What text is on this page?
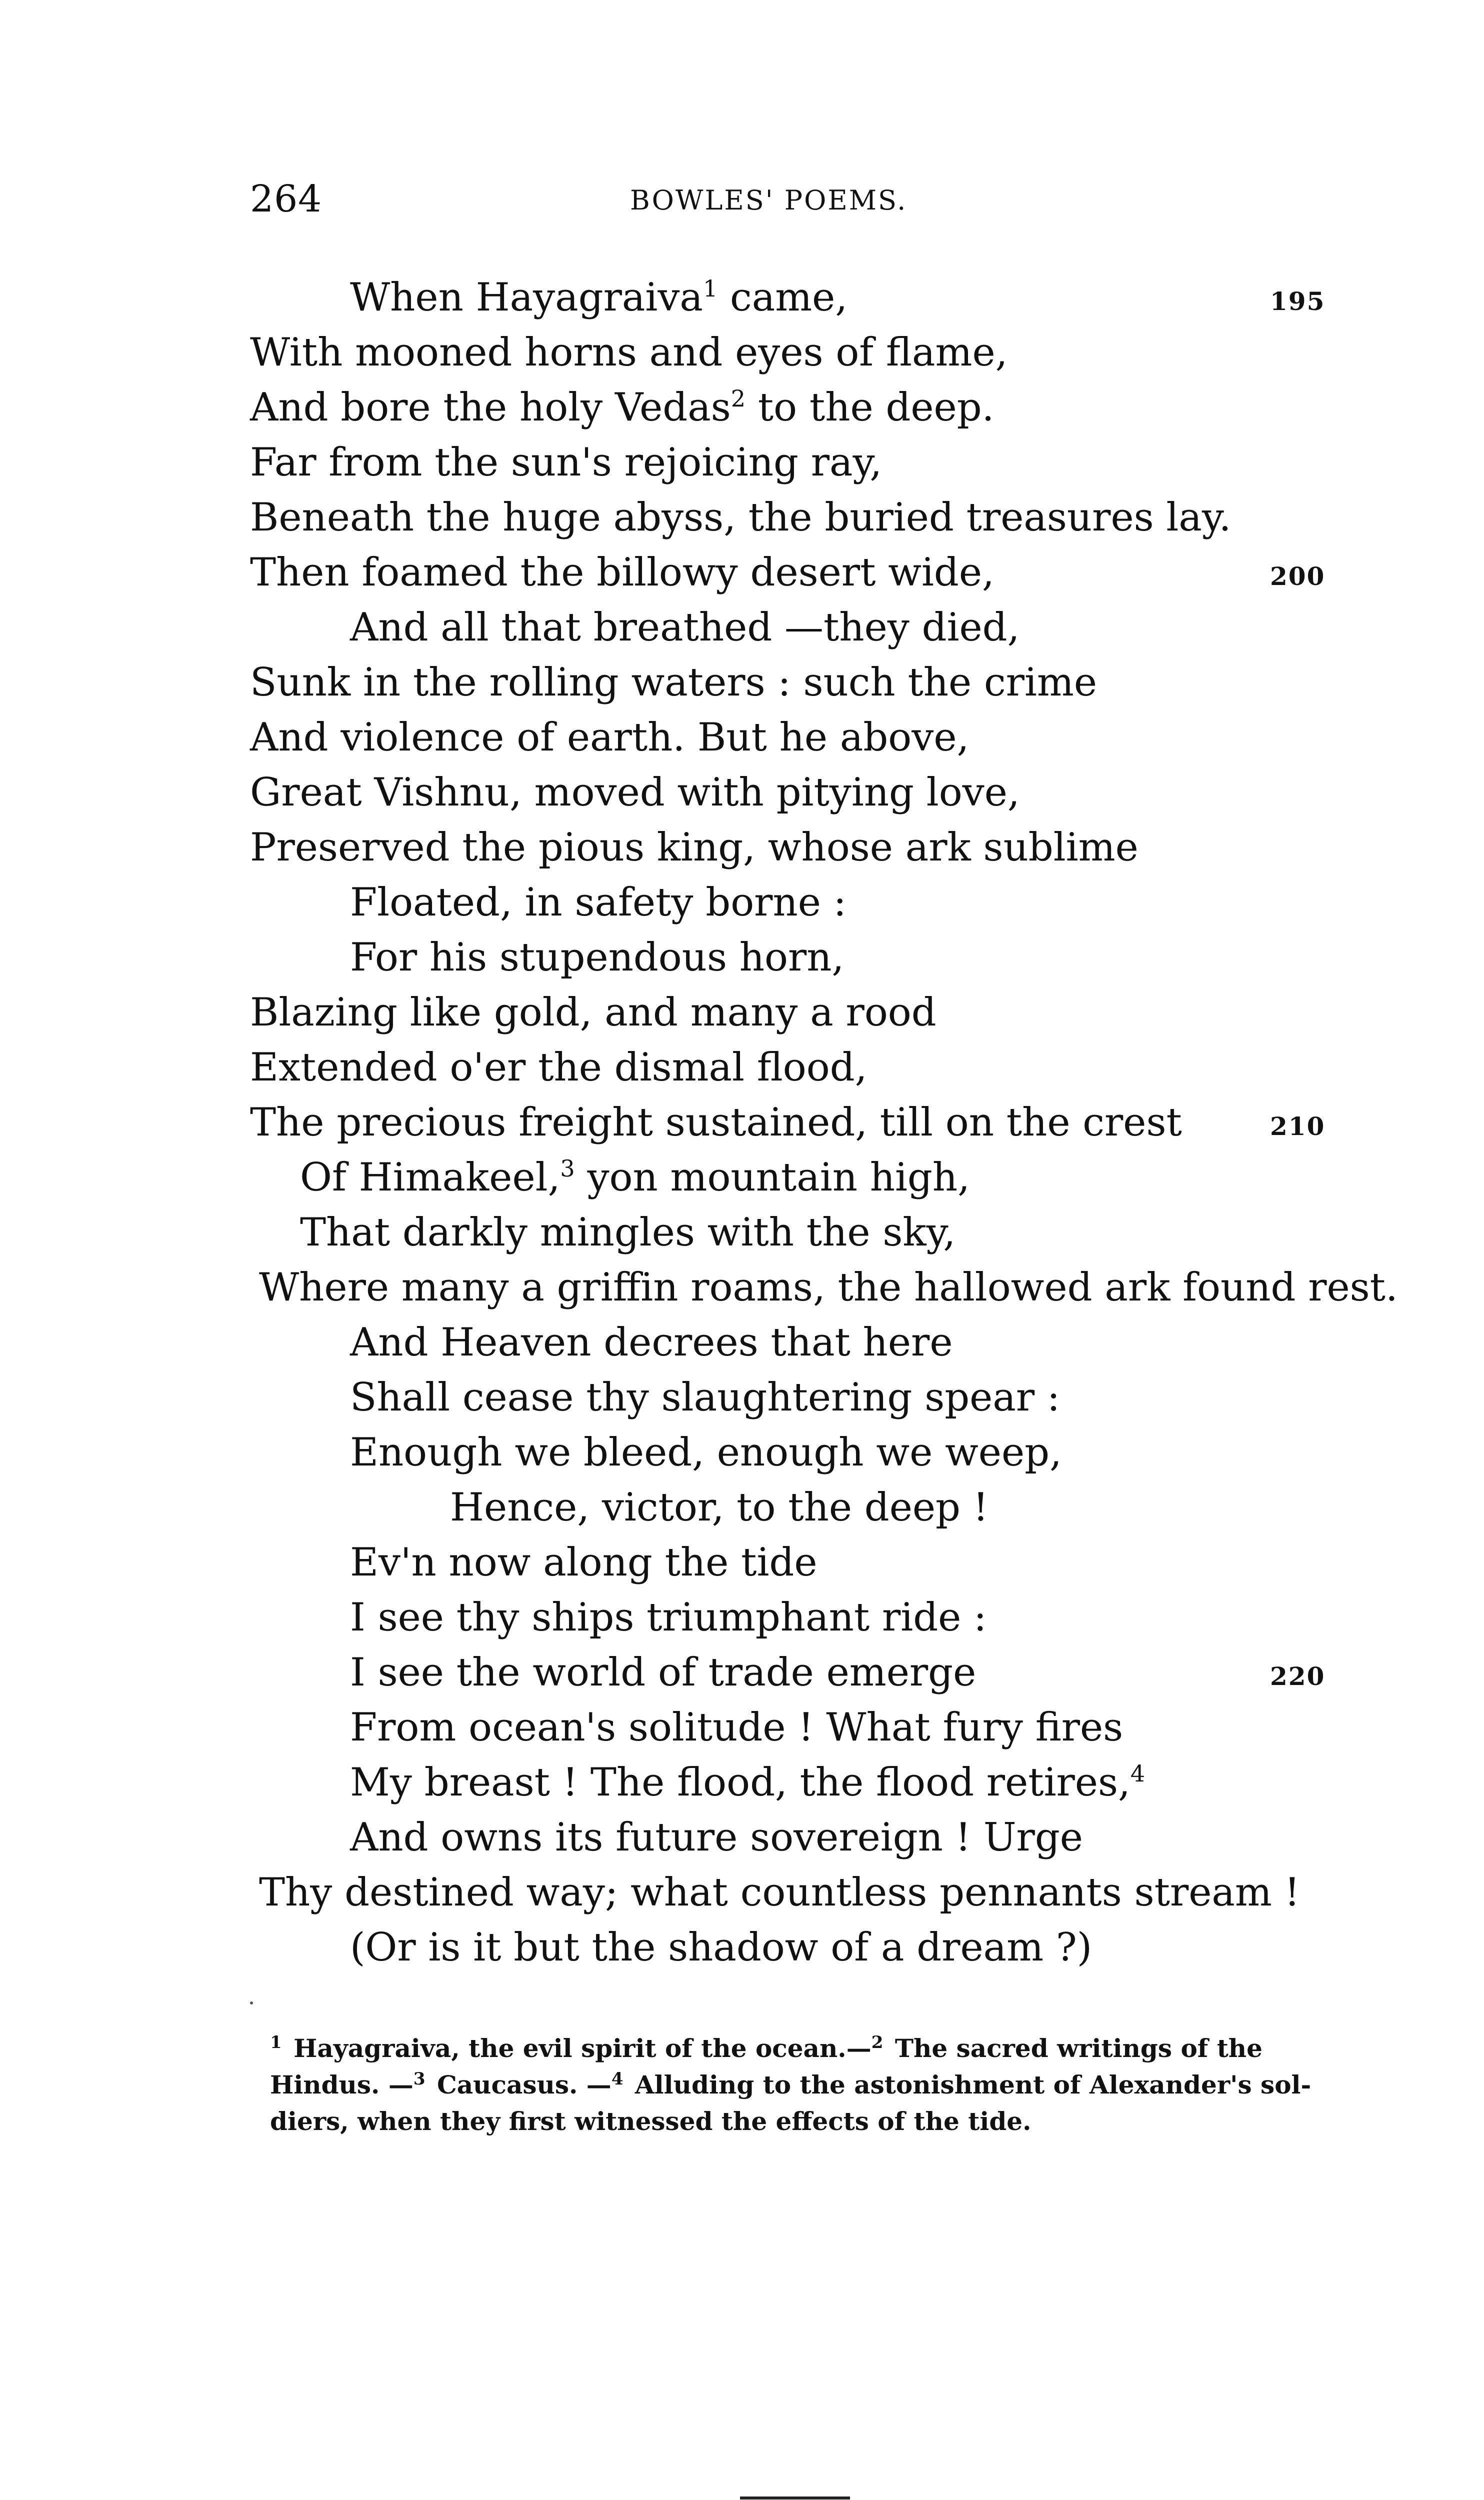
264	BOWLES' POEMS.
When Hayagraiva$^1$ came,	195
With mooned horns and eyes of flame,
And bore the holy Vedas$^2$ to the deep.
Far from the sun's rejoicing ray,
Beneath the huge abyss, the buried treasures lay.
Then foamed the billowy desert wide,	200
And all that breathed —they died,
Sunk in the rolling waters : such the crime
And violence of earth. But he above,
Great Vishnu, moved with pitying love,
Preserved the pious king, whose ark sublime
Floated, in safety borne :
For his stupendous horn,
Blazing like gold, and many a rood
Extended o'er the dismal flood,
The precious freight sustained, till on the crest	210
Of Himakeel,$^3$ yon mountain high,
That darkly mingles with the sky,
Where many a griffin roams, the hallowed ark found rest.
And Heaven decrees that here
Shall cease thy slaughtering spear :
Enough we bleed, enough we weep,
Hence, victor, to the deep !
Ev'n now along the tide
I see thy ships triumphant ride :
I see the world of trade emerge	220
From ocean's solitude ! What fury fires
My breast ! The flood, the flood retires,$^4$
And owns its future sovereign ! Urge
Thy destined way; what countless pennants stream !
(Or is it but the shadow of a dream ?)
$^1$ Hayagraiva, the evil spirit of the ocean.—$^2$ The sacred writings of the
Hindus. —$^3$ Caucasus. —$^4$ Alluding to the astonishment of Alexander's sol-
diers, when they first witnessed the effects of the tide.
